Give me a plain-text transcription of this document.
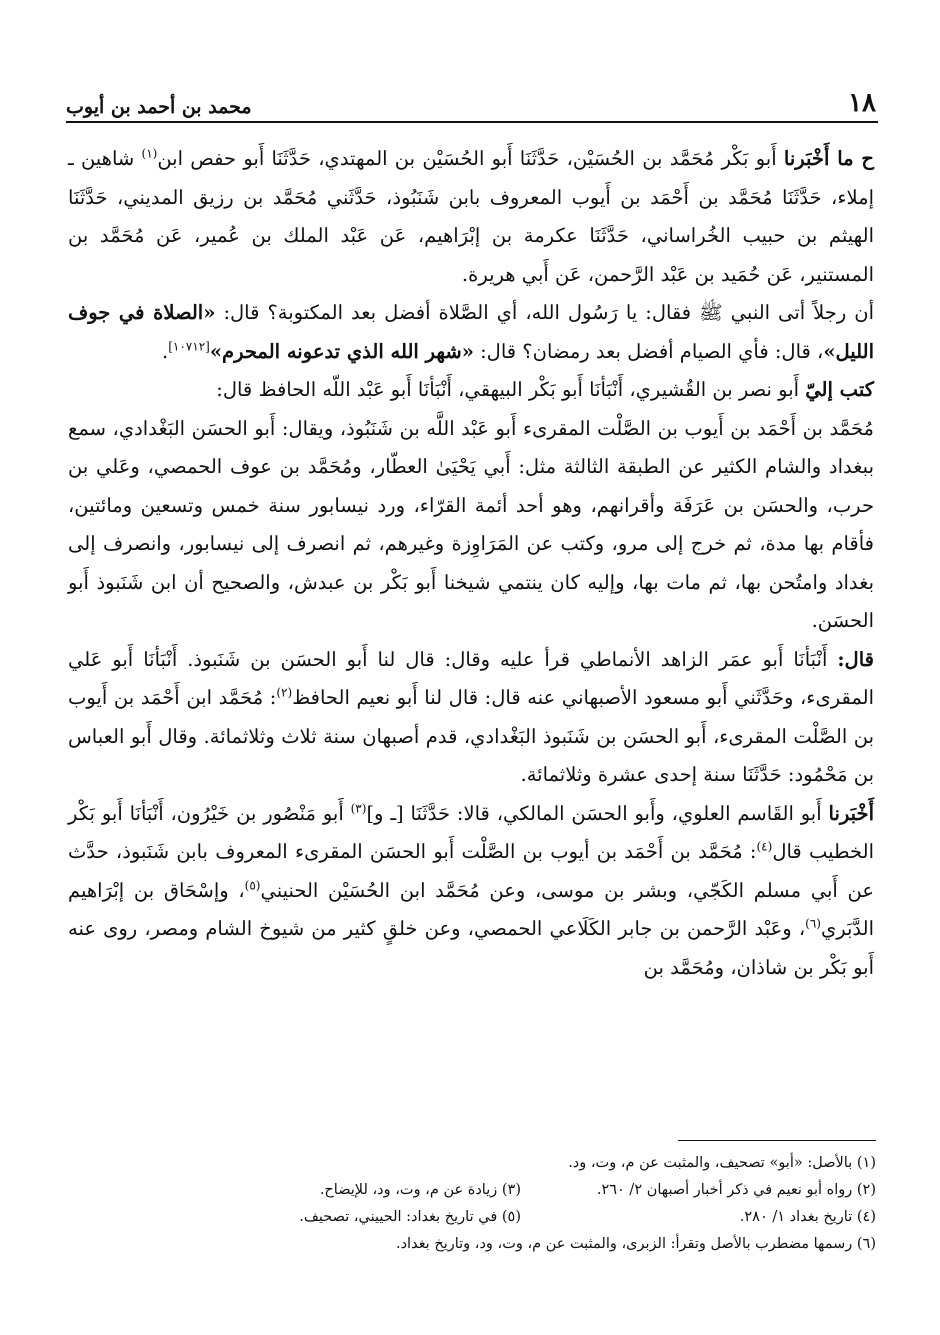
١٨
محمد بن أحمد بن أيوب

ح ما أَخْبَرنا أَبو بَكْر مُحَمَّد بن الحُسَيْن، حَدَّثَنَا أَبو الحُسَيْن بن المهتدي، حَدَّثَنَا أَبو حفص ابن$^{(١)}$ شاهين ـ إملاء، حَدَّثَنَا مُحَمَّد بن أَحْمَد بن أَيوب المعروف بابن شَنَبُوذ، حَدَّثَني مُحَمَّد بن رزيق المديني، حَدَّثَنَا الهيثم بن حبيب الخُراساني، حَدَّثَنَا عكرمة بن إبْرَاهيم، عَن عَبْد الملك بن عُمير، عَن مُحَمَّد بن المستنير، عَن حُمَيد بن عَبْد الرَّحمن، عَن أَبي هريرة.

أن رجلاً أتى النبي ﷺ فقال: يا رَسُول الله، أي الصَّلاة أفضل بعد المكتوبة؟ قال: «الصلاة في جوف الليل»، قال: فأي الصيام أفضل بعد رمضان؟ قال: «شهر الله الذي تدعونه المحرم»[١٠٧١٢].

كتب إليّ أَبو نصر بن القُشيري، أَنْبَأنَا أَبو بَكْر البيهقي، أَنْبَأنَا أَبو عَبْد اللّه الحافظ قال:

مُحَمَّد بن أَحْمَد بن أَيوب بن الصَّلْت المقرىء أَبو عَبْد اللَّه بن شَنَبُوذ، ويقال: أَبو الحسَن البَغْدادي، سمع ببغداد والشام الكثير عن الطبقة الثالثة مثل: أَبي يَحْيَىٰ العطّار، ومُحَمَّد بن عوف الحمصي، وعَلي بن حرب، والحسَن بن عَرَفَة وأقرانهم، وهو أحد أئمة القرّاء، ورد نيسابور سنة خمس وتسعين ومائتين، فأقام بها مدة، ثم خرج إلى مرو، وكتب عن المَرَاوِزة وغيرهم، ثم انصرف إلى نيسابور، وانصرف إلى بغداد وامتُحن بها، ثم مات بها، وإليه كان ينتمي شيخنا أَبو بَكْر بن عبدش، والصحيح أن ابن شَنَبوذ أَبو الحسَن.

قال: أَنْبَأنَا أَبو عمَر الزاهد الأنماطي قرأ عليه وقال: قال لنا أَبو الحسَن بن شَنَبوذ. أَنْبَأنَا أَبو عَلي المقرىء، وحَدَّثَني أَبو مسعود الأصبهاني عنه قال: قال لنا أَبو نعيم الحافظ$^{(٢)}$: مُحَمَّد ابن أَحْمَد بن أَيوب بن الصَّلْت المقرىء، أَبو الحسَن بن شَنَبوذ البَغْدادي، قدم أصبهان سنة ثلاث وثلاثمائة. وقال أَبو العباس بن مَحْمُود: حَدَّثَنَا سنة إحدى عشرة وثلاثمائة.

أَخْبَرنا أَبو القَاسم العلوي، وأَبو الحسَن المالكي، قالا: حَدَّثَنَا [ـ و]$^{(٣)}$ أَبو مَنْصُور بن خَيْرُون، أَنْبَأنَا أَبو بَكْر الخطيب قال$^{(٤)}$: مُحَمَّد بن أَحْمَد بن أيوب بن الصَّلْت أَبو الحسَن المقرىء المعروف بابن شَنَبوذ، حدَّث عن أَبي مسلم الكَجّي، وبشر بن موسى، وعن مُحَمَّد ابن الحُسَيْن الحنيني$^{(٥)}$، وإسْحَاق بن إبْرَاهيم الدَّبَري$^{(٦)}$، وعَبْد الرَّحمن بن جابر الكَلَاعي الحمصي، وعن خلقٍ كثير من شيوخ الشام ومصر، روى عنه أَبو بَكْر بن شاذان، ومُحَمَّد بن

(١) بالأصل: «أبو» تصحيف، والمثبت عن م، وت، ود.
(٢) رواه أبو نعيم في ذكر أخبار أصبهان ٢/ ٢٦٠.
(٣) زيادة عن م، وت، ود، للإيضاح.
(٤) تاريخ بغداد ١/ ٢٨٠.
(٥) في تاريخ بغداد: الحييني، تصحيف.
(٦) رسمها مضطرب بالأصل وتقرأ: الزبرى، والمثبت عن م، وت، ود، وتاريخ بغداد.
